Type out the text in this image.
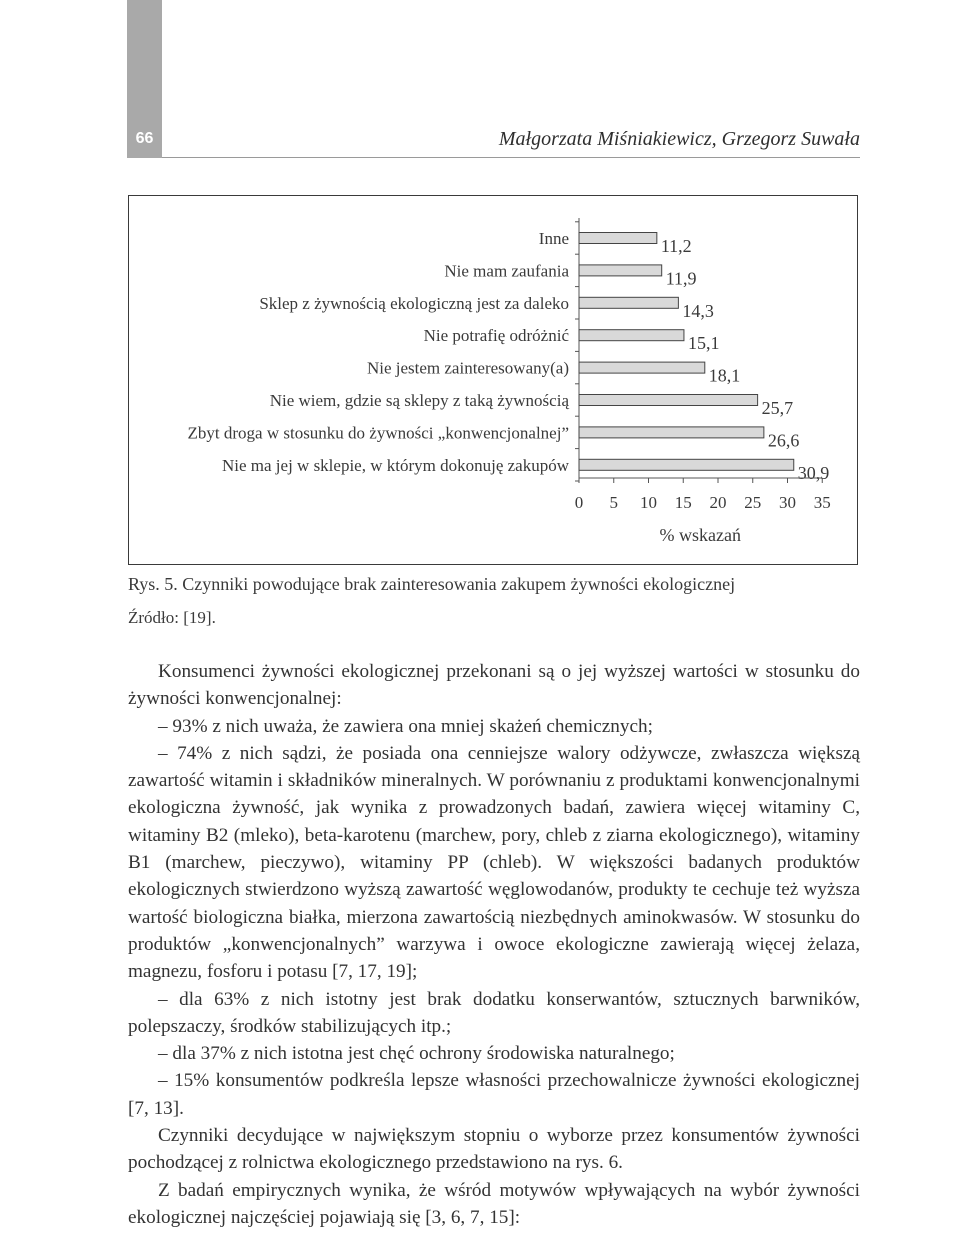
66	Małgorzata Miśniakiewicz, Grzegorz Suwała
Inne	11,2
Nie mam zaufania	11,9
Sklep z żywnością ekologiczną jest za daleko	14,3
Nie potrafię odróżnić	15,1
Nie jestem zainteresowany(a)	18,1
Nie wiem, gdzie są sklepy z taką żywnością	25,7
Zbyt droga w stosunku do żywności „konwencjonalnej”	26,6
Nie ma jej w sklepie, w którym dokonuję zakupów	30,9
0 5 10 15 20 25 30 35
% wskazań
Rys. 5. Czynniki powodujące brak zainteresowania zakupem żywności ekologicznej
Źródło: [19].

Konsumenci żywności ekologicznej przekonani są o jej wyższej wartości w stosunku do żywności konwencjonalnej:

– 93% z nich uważa, że zawiera ona mniej skażeń chemicznych;

– 74% z nich sądzi, że posiada ona cenniejsze walory odżywcze, zwłaszcza większą zawartość witamin i składników mineralnych. W porównaniu z produktami konwencjonalnymi ekologiczna żywność, jak wynika z prowadzonych badań, zawiera więcej witaminy C, witaminy B2 (mleko), beta-karotenu (marchew, pory, chleb z ziarna ekologicznego), witaminy B1 (marchew, pieczywo), witaminy PP (chleb). W większości badanych produktów ekologicznych stwierdzono wyższą zawartość węglowodanów, produkty te cechuje też wyższa wartość biologiczna białka, mierzona zawartością niezbędnych aminokwasów. W stosunku do produktów „konwencjonalnych” warzywa i owoce ekologiczne zawierają więcej żelaza, magnezu, fosforu i potasu [7, 17, 19];

– dla 63% z nich istotny jest brak dodatku konserwantów, sztucznych barwników, polepszaczy, środków stabilizujących itp.;

– dla 37% z nich istotna jest chęć ochrony środowiska naturalnego;

– 15% konsumentów podkreśla lepsze własności przechowalnicze żywności ekologicznej [7, 13].

Czynniki decydujące w największym stopniu o wyborze przez konsumentów żywności pochodzącej z rolnictwa ekologicznego przedstawiono na rys. 6.

Z badań empirycznych wynika, że wśród motywów wpływających na wybór żywności ekologicznej najczęściej pojawiają się [3, 6, 7, 15]:
